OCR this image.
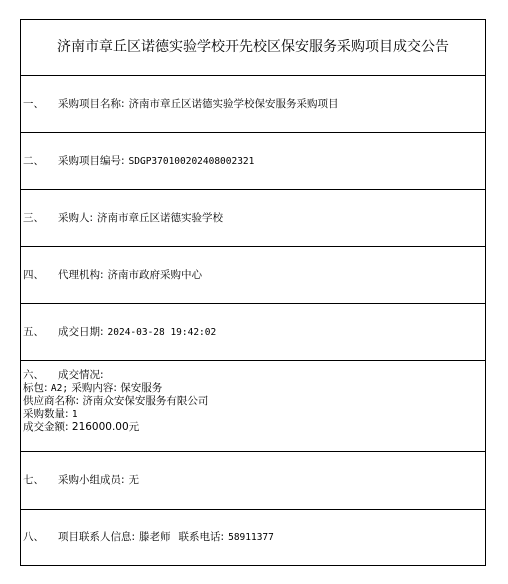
济南市章丘区诺德实验学校开先校区保安服务采购项目成交公告
一、 采购项目名称: 济南市章丘区诺德实验学校保安服务采购项目
二、 采购项目编号: SDGP370100202408002321
三、 采购人: 济南市章丘区诺德实验学校
四、 代理机构: 济南市政府采购中心
五、 成交日期: 2024-03-28 19:42:02
六、 成交情况:
标包: A2; 采购内容: 保安服务
供应商名称: 济南众安保安服务有限公司
采购数量: 1
成交金额: 216000.00元
七、 采购小组成员: 无
八、 项目联系人信息: 滕老师 联系电话: 58911377
